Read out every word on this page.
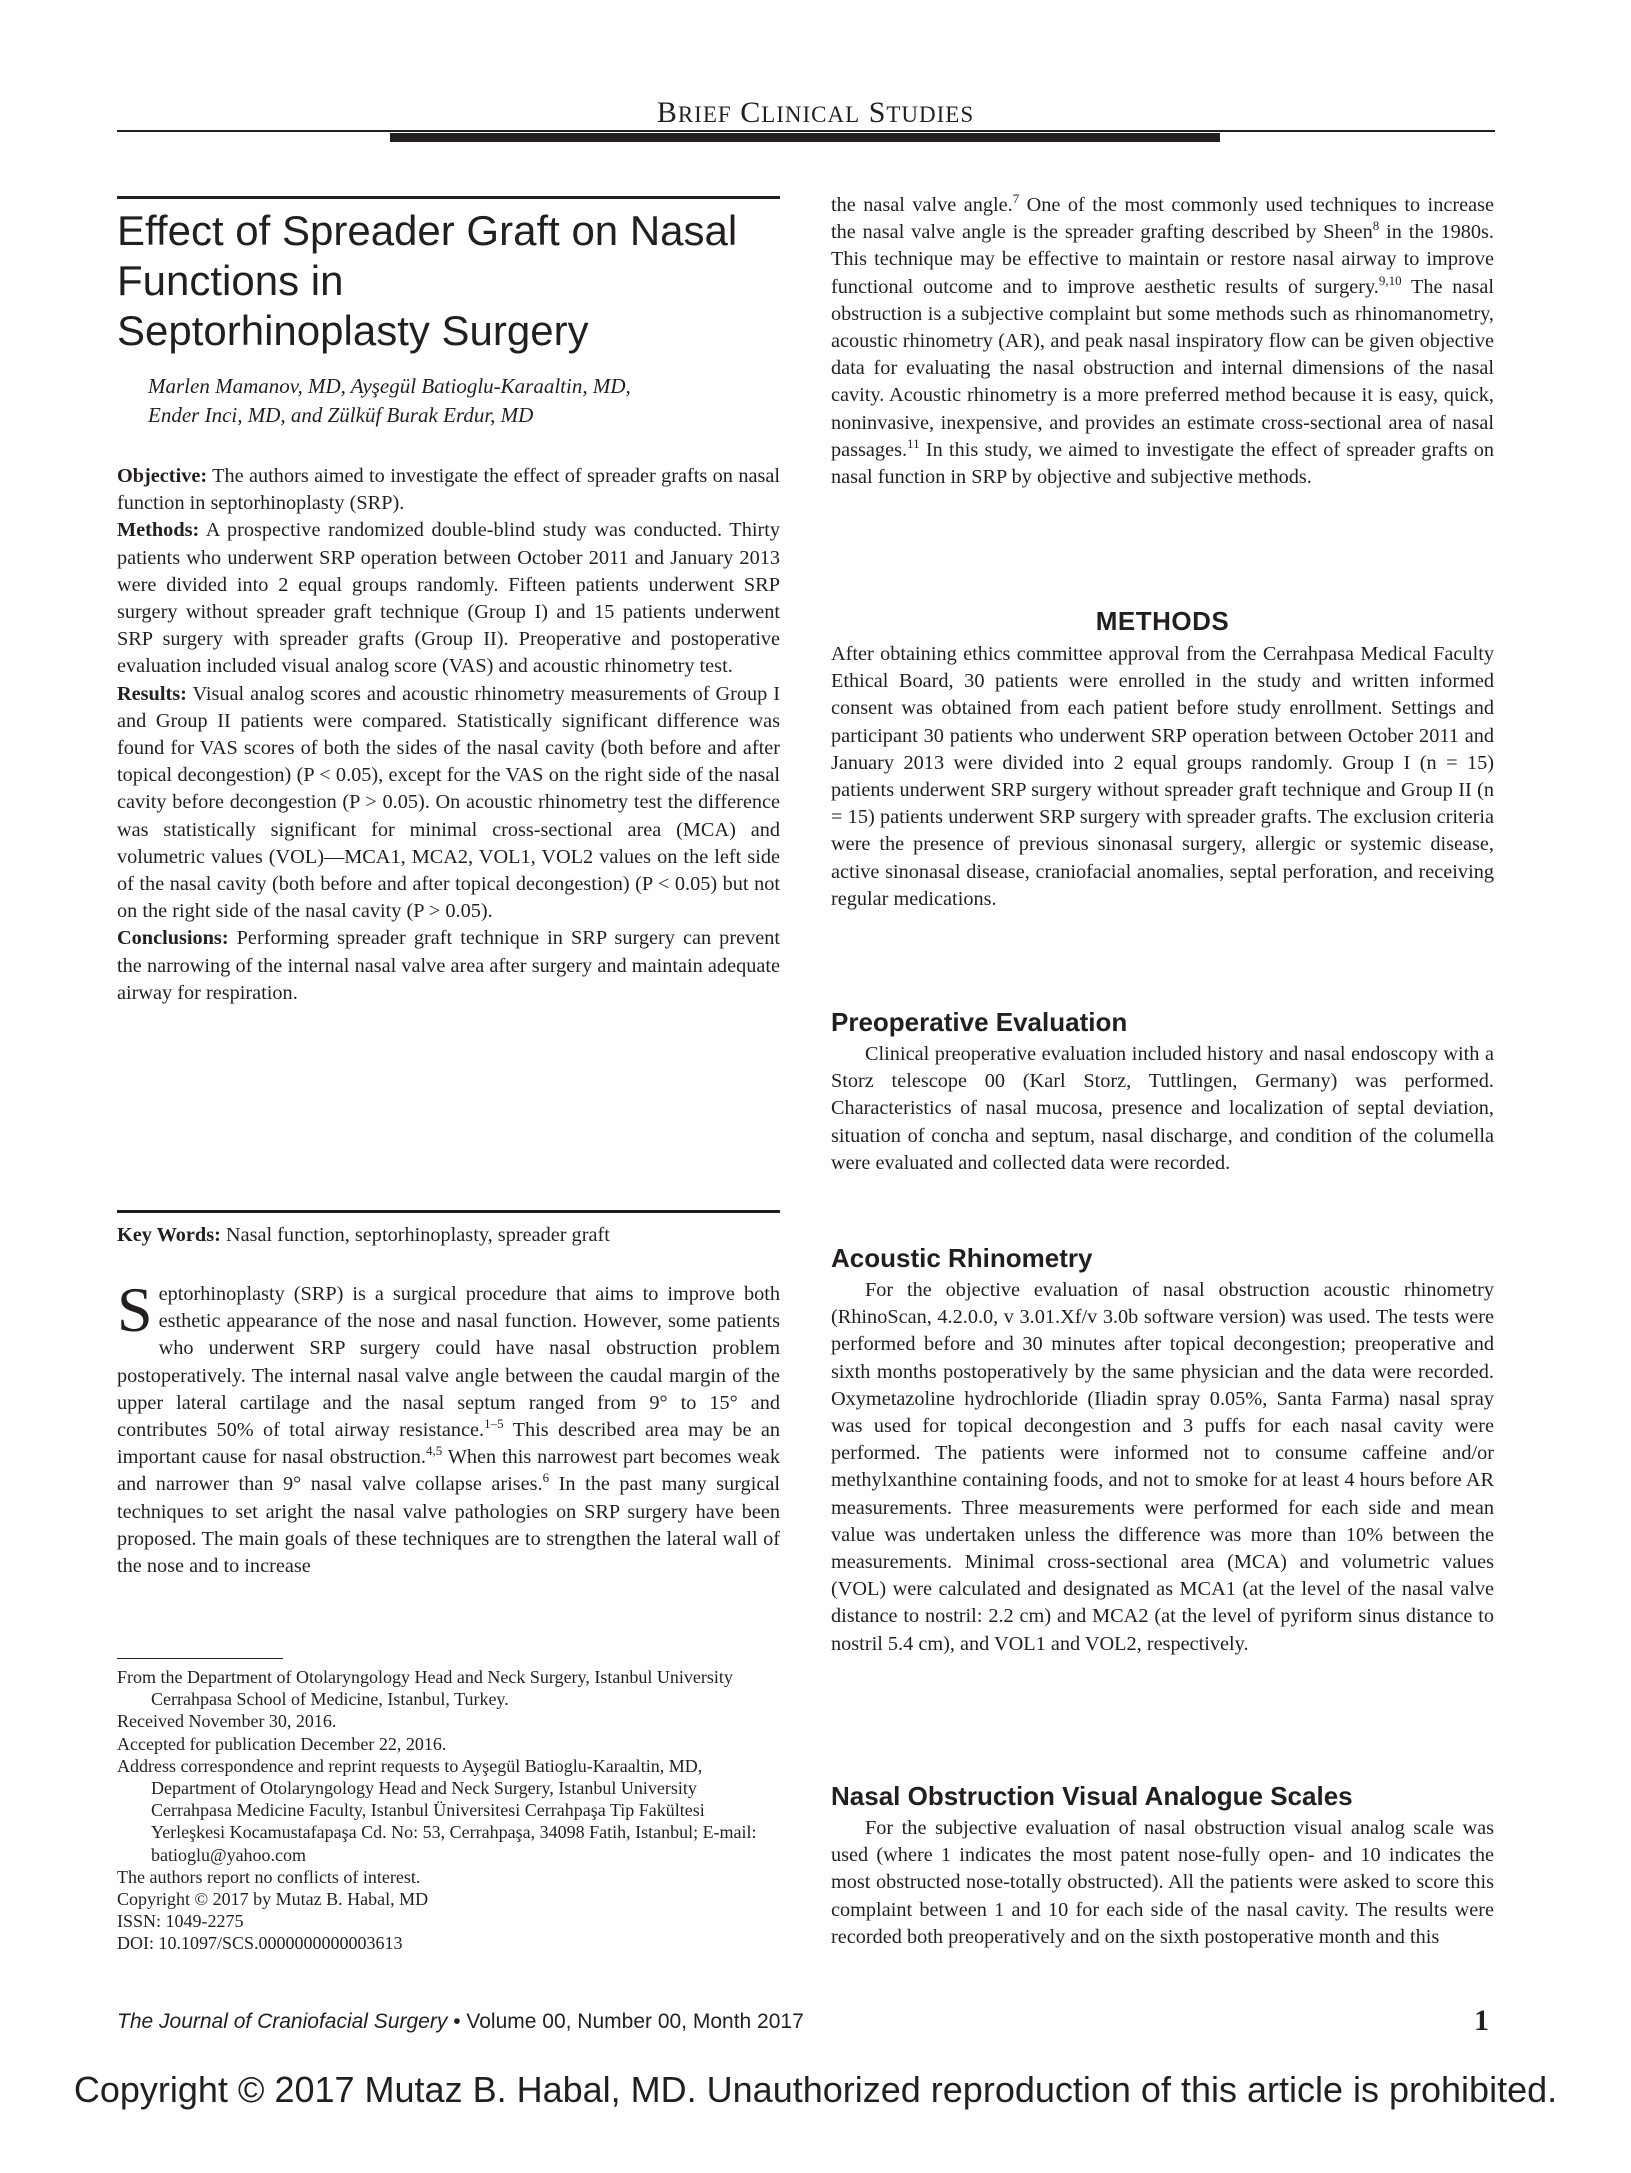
BRIEF CLINICAL STUDIES
Effect of Spreader Graft on Nasal
Functions in
Septorhinoplasty Surgery

Marlen Mamanov, MD, Ayşegül Batioglu-Karaaltin, MD,
Ender Inci, MD, and Zülküf Burak Erdur, MD

Objective: The authors aimed to investigate the effect of spreader grafts on nasal function in septorhinoplasty (SRP).

Methods: A prospective randomized double-blind study was conducted. Thirty patients who underwent SRP operation between October 2011 and January 2013 were divided into 2 equal groups randomly. Fifteen patients underwent SRP surgery without spreader graft technique (Group I) and 15 patients underwent SRP surgery with spreader grafts (Group II). Preoperative and postoperative evaluation included visual analog score (VAS) and acoustic rhinometry test.

Results: Visual analog scores and acoustic rhinometry measurements of Group I and Group II patients were compared. Statistically significant difference was found for VAS scores of both the sides of the nasal cavity (both before and after topical decongestion) (P < 0.05), except for the VAS on the right side of the nasal cavity before decongestion (P > 0.05). On acoustic rhinometry test the difference was statistically significant for minimal cross-sectional area (MCA) and volumetric values (VOL)—MCA1, MCA2, VOL1, VOL2 values on the left side of the nasal cavity (both before and after topical decongestion) (P < 0.05) but not on the right side of the nasal cavity (P > 0.05).

Conclusions: Performing spreader graft technique in SRP surgery can prevent the narrowing of the internal nasal valve area after surgery and maintain adequate airway for respiration.

Key Words: Nasal function, septorhinoplasty, spreader graft

Septorhinoplasty (SRP) is a surgical procedure that aims to improve both esthetic appearance of the nose and nasal function. However, some patients who underwent SRP surgery could have nasal obstruction problem postoperatively. The internal nasal valve angle between the caudal margin of the upper lateral cartilage and the nasal septum ranged from 9° to 15° and contributes 50% of total airway resistance.$^{1-5}$ This described area may be an important cause for nasal obstruction.$^{4,5}$ When this narrowest part becomes weak and narrower than 9° nasal valve collapse arises.$^6$ In the past many surgical techniques to set aright the nasal valve pathologies on SRP surgery have been proposed. The main goals of these techniques are to strengthen the lateral wall of the nose and to increase

From the Department of Otolaryngology Head and Neck Surgery, Istanbul University Cerrahpasa School of Medicine, Istanbul, Turkey.

Received November 30, 2016.

Accepted for publication December 22, 2016.

Address correspondence and reprint requests to Ayşegül Batioglu-Karaaltin, MD, Department of Otolaryngology Head and Neck Surgery, Istanbul University Cerrahpasa Medicine Faculty, Istanbul Üniversitesi Cerrahpaşa Tip Fakültesi Yerleşkesi Kocamustafapaşa Cd. No: 53, Cerrahpaşa, 34098 Fatih, Istanbul; E-mail: batioglu@yahoo.com

The authors report no conflicts of interest.

Copyright © 2017 by Mutaz B. Habal, MD

ISSN: 1049-2275

DOI: 10.1097/SCS.0000000000003613

the nasal valve angle.$^7$ One of the most commonly used techniques to increase the nasal valve angle is the spreader grafting described by Sheen$^8$ in the 1980s. This technique may be effective to maintain or restore nasal airway to improve functional outcome and to improve aesthetic results of surgery.$^{9,10}$ The nasal obstruction is a subjective complaint but some methods such as rhinomanometry, acoustic rhinometry (AR), and peak nasal inspiratory flow can be given objective data for evaluating the nasal obstruction and internal dimensions of the nasal cavity. Acoustic rhinometry is a more preferred method because it is easy, quick, noninvasive, inexpensive, and provides an estimate cross-sectional area of nasal passages.$^{11}$ In this study, we aimed to investigate the effect of spreader grafts on nasal function in SRP by objective and subjective methods.

METHODS

After obtaining ethics committee approval from the Cerrahpasa Medical Faculty Ethical Board, 30 patients were enrolled in the study and written informed consent was obtained from each patient before study enrollment. Settings and participant 30 patients who underwent SRP operation between October 2011 and January 2013 were divided into 2 equal groups randomly. Group I (n = 15) patients underwent SRP surgery without spreader graft technique and Group II (n = 15) patients underwent SRP surgery with spreader grafts. The exclusion criteria were the presence of previous sinonasal surgery, allergic or systemic disease, active sinonasal disease, craniofacial anomalies, septal perforation, and receiving regular medications.

Preoperative Evaluation

Clinical preoperative evaluation included history and nasal endoscopy with a Storz telescope 00 (Karl Storz, Tuttlingen, Germany) was performed. Characteristics of nasal mucosa, presence and localization of septal deviation, situation of concha and septum, nasal discharge, and condition of the columella were evaluated and collected data were recorded.

Acoustic Rhinometry

For the objective evaluation of nasal obstruction acoustic rhinometry (RhinoScan, 4.2.0.0, v 3.01.Xf/v 3.0b software version) was used. The tests were performed before and 30 minutes after topical decongestion; preoperative and sixth months postoperatively by the same physician and the data were recorded. Oxymetazoline hydrochloride (Iliadin spray 0.05%, Santa Farma) nasal spray was used for topical decongestion and 3 puffs for each nasal cavity were performed. The patients were informed not to consume caffeine and/or methylxanthine containing foods, and not to smoke for at least 4 hours before AR measurements. Three measurements were performed for each side and mean value was undertaken unless the difference was more than 10% between the measurements. Minimal cross-sectional area (MCA) and volumetric values (VOL) were calculated and designated as MCA1 (at the level of the nasal valve distance to nostril: 2.2 cm) and MCA2 (at the level of pyriform sinus distance to nostril 5.4 cm), and VOL1 and VOL2, respectively.

Nasal Obstruction Visual Analogue Scales

For the subjective evaluation of nasal obstruction visual analog scale was used (where 1 indicates the most patent nose-fully open- and 10 indicates the most obstructed nose-totally obstructed). All the patients were asked to score this complaint between 1 and 10 for each side of the nasal cavity. The results were recorded both preoperatively and on the sixth postoperative month and this

The Journal of Craniofacial Surgery • Volume 00, Number 00, Month 2017	1
Copyright © 2017 Mutaz B. Habal, MD. Unauthorized reproduction of this article is prohibited.
